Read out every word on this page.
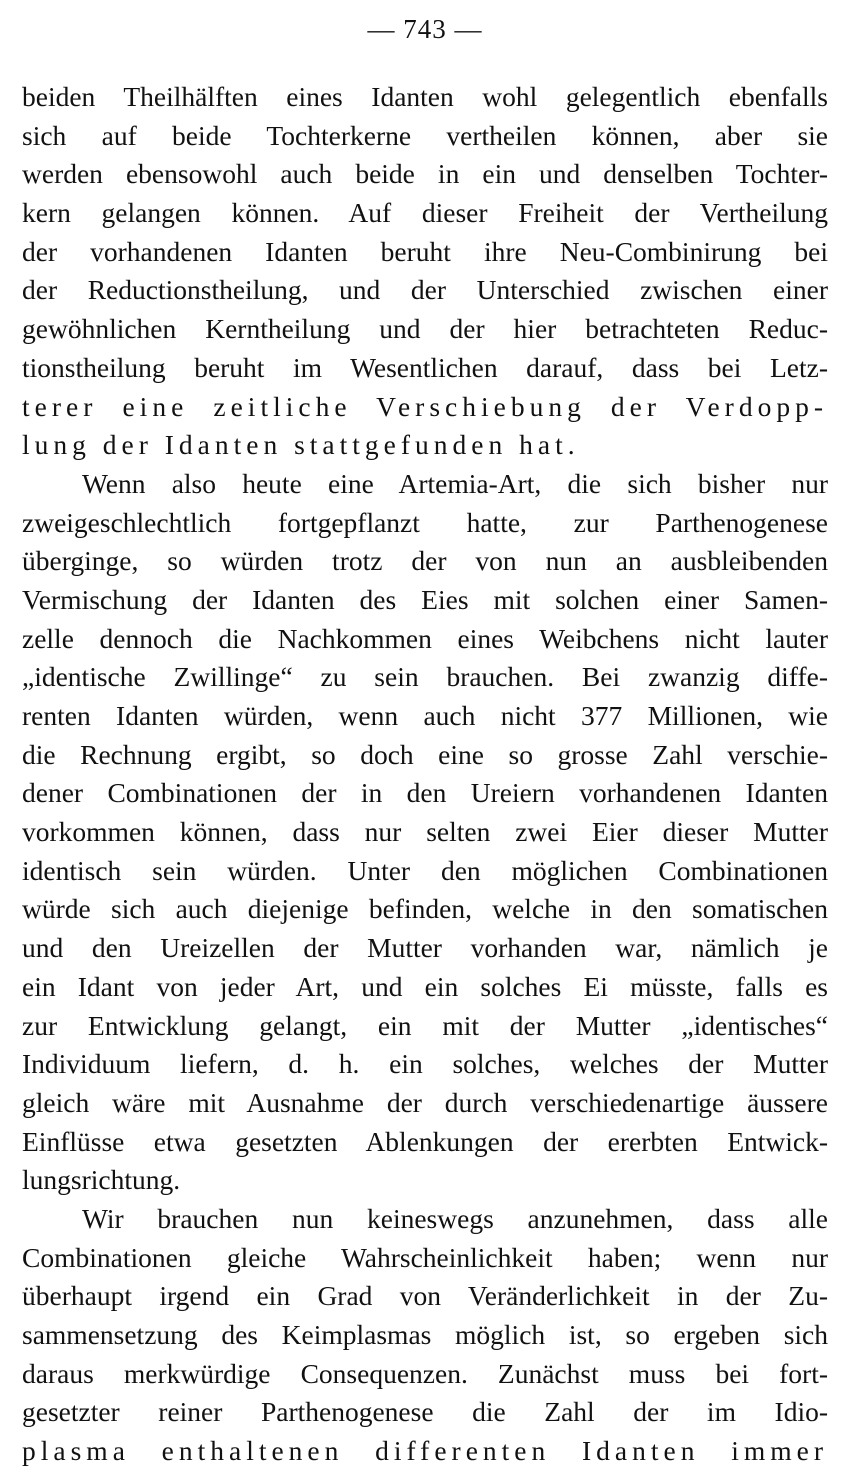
— 743 —
beiden Theilhälften eines Idanten wohl gelegentlich ebenfalls
sich auf beide Tochterkerne vertheilen können, aber sie
werden ebensowohl auch beide in ein und denselben Tochter-
kern gelangen können. Auf dieser Freiheit der Vertheilung
der vorhandenen Idanten beruht ihre Neu-Combinirung bei
der Reductionstheilung, und der Unterschied zwischen einer
gewöhnlichen Kerntheilung und der hier betrachteten Reduc-
tionstheilung beruht im Wesentlichen darauf, dass bei Letz-
terer eine zeitliche Verschiebung der Verdopp-
lung der Idanten stattgefunden hat.
Wenn also heute eine Artemia-Art, die sich bisher nur
zweigeschlechtlich fortgepflanzt hatte, zur Parthenogenese
überginge, so würden trotz der von nun an ausbleibenden
Vermischung der Idanten des Eies mit solchen einer Samen-
zelle dennoch die Nachkommen eines Weibchens nicht lauter
„identische Zwillinge“ zu sein brauchen. Bei zwanzig diffe-
renten Idanten würden, wenn auch nicht 377 Millionen, wie
die Rechnung ergibt, so doch eine so grosse Zahl verschie-
dener Combinationen der in den Ureiern vorhandenen Idanten
vorkommen können, dass nur selten zwei Eier dieser Mutter
identisch sein würden. Unter den möglichen Combinationen
würde sich auch diejenige befinden, welche in den somatischen
und den Ureizellen der Mutter vorhanden war, nämlich je
ein Idant von jeder Art, und ein solches Ei müsste, falls es
zur Entwicklung gelangt, ein mit der Mutter „identisches“
Individuum liefern, d. h. ein solches, welches der Mutter
gleich wäre mit Ausnahme der durch verschiedenartige äussere
Einflüsse etwa gesetzten Ablenkungen der ererbten Entwick-
lungsrichtung.
Wir brauchen nun keineswegs anzunehmen, dass alle
Combinationen gleiche Wahrscheinlichkeit haben; wenn nur
überhaupt irgend ein Grad von Veränderlichkeit in der Zu-
sammensetzung des Keimplasmas möglich ist, so ergeben sich
daraus merkwürdige Consequenzen. Zunächst muss bei fort-
gesetzter reiner Parthenogenese die Zahl der im Idio-
plasma enthaltenen differenten Idanten immer
